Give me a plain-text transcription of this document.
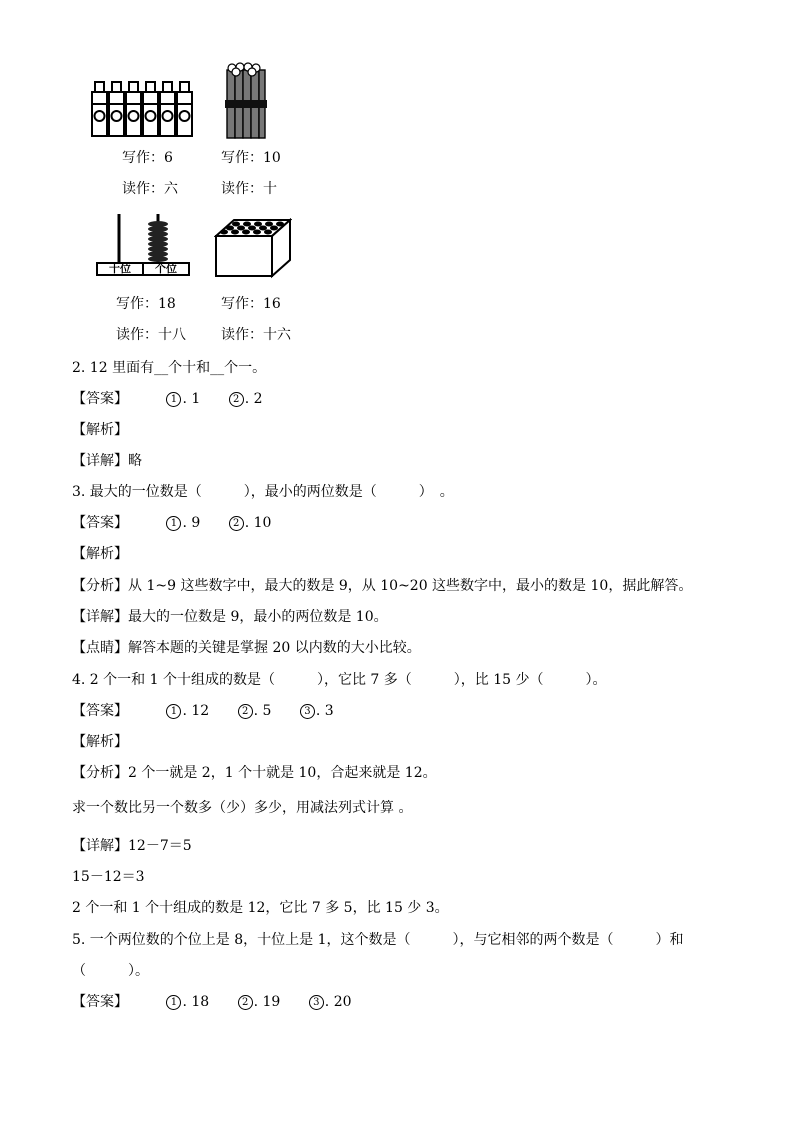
写作：6
读作：六
写作：10
读作：十
十位	个位
写作：18
读作：十八
写作：16
读作：十六
2. 12 里面有__个十和__个一。
【答案】	1 . 1	2 . 2
【解析】
【详解】略
3. 最大的一位数是（　　　），最小的两位数是（　　　）　。
【答案】	1 . 9	2 . 10
【解析】
【分析】从 1~9 这些数字中，最大的数是 9，从 10~20 这些数字中，最小的数是 10，据此解答。
【详解】最大的一位数是 9，最小的两位数是 10。
【点睛】解答本题的关键是掌握 20 以内数的大小比较。
4. 2 个一和 1 个十组成的数是（　　　），它比 7 多（　　　），比 15 少（　　　）。
【答案】	1 . 12	2 . 5	3 . 3
【解析】
【分析】2 个一就是 2，1 个十就是 10，合起来就是 12。
求一个数比另一个数多（少）多少，用减法列式计算 。
【详解】12－7＝5
15－12＝3
2 个一和 1 个十组成的数是 12，它比 7 多 5，比 15 少 3。
5. 一个两位数的个位上是 8，十位上是 1，这个数是（　　　），与它相邻的两个数是（　　　）和
（　　　）。
【答案】	1 . 18	2 . 19	3 . 20
